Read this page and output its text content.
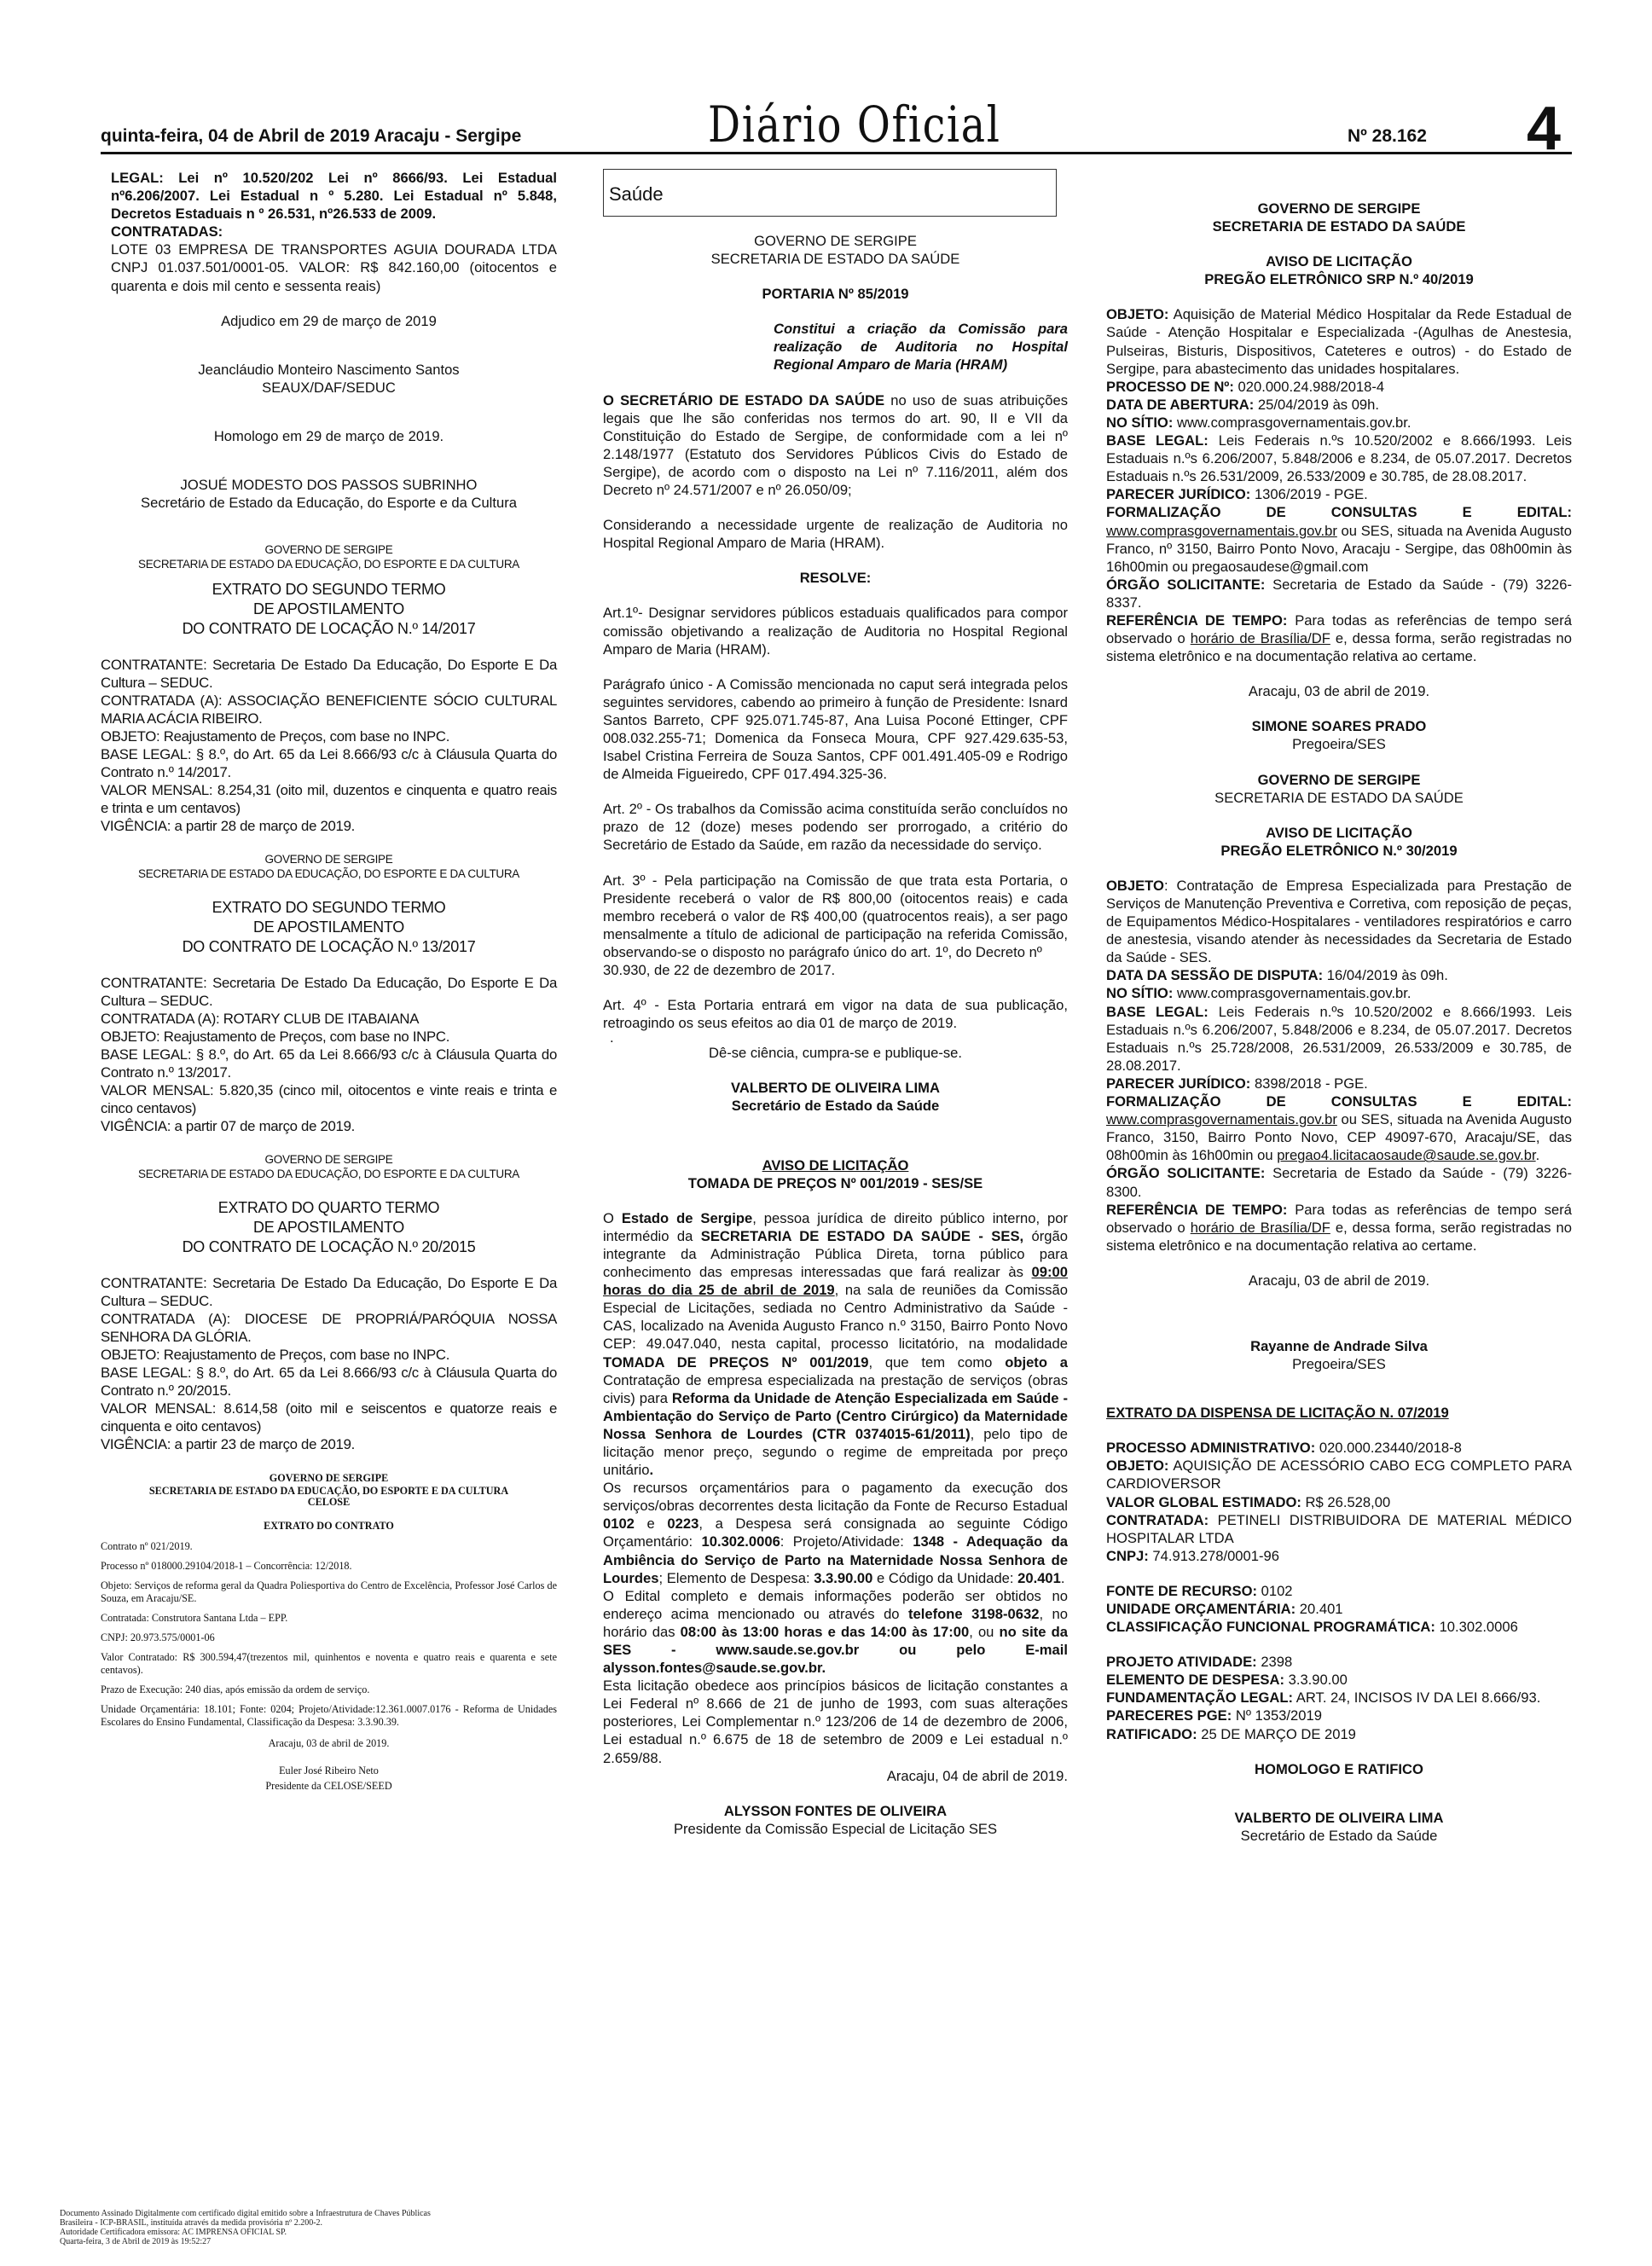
quinta-feira, 04 de Abril de 2019 Aracaju - Sergipe	Diário Oficial	Nº 28.162 4

LEGAL: Lei nº 10.520/202 Lei nº 8666/93. Lei Estadual nº6.206/2007. Lei Estadual n º 5.280. Lei Estadual nº 5.848, Decretos Estaduais n º 26.531, nº26.533 de 2009.

CONTRATADAS:

LOTE 03 EMPRESA DE TRANSPORTES AGUIA DOURADA LTDA CNPJ 01.037.501/0001-05. VALOR: R$ 842.160,00 (oitocentos e quarenta e dois mil cento e sessenta reais)

Adjudico em 29 de março de 2019

Jeancláudio Monteiro Nascimento Santos

SEAUX/DAF/SEDUC

Homologo em 29 de março de 2019.

JOSUÉ MODESTO DOS PASSOS SUBRINHO

Secretário de Estado da Educação, do Esporte e da Cultura

GOVERNO DE SERGIPE

SECRETARIA DE ESTADO DA EDUCAÇÃO, DO ESPORTE E DA CULTURA

EXTRATO DO SEGUNDO TERMO

DE APOSTILAMENTO

DO CONTRATO DE LOCAÇÃO N.º 14/2017

CONTRATANTE: Secretaria De Estado Da Educação, Do Esporte E Da Cultura – SEDUC.

CONTRATADA (A): ASSOCIAÇÃO BENEFICIENTE SÓCIO CULTURAL MARIA ACÁCIA RIBEIRO.

OBJETO: Reajustamento de Preços, com base no INPC.

BASE LEGAL: § 8.º, do Art. 65 da Lei 8.666/93 c/c à Cláusula Quarta do Contrato n.º 14/2017.

VALOR MENSAL: 8.254,31 (oito mil, duzentos e cinquenta e quatro reais e trinta e um centavos)

VIGÊNCIA: a partir 28 de março de 2019.

GOVERNO DE SERGIPE

SECRETARIA DE ESTADO DA EDUCAÇÃO, DO ESPORTE E DA CULTURA

EXTRATO DO SEGUNDO TERMO

DE APOSTILAMENTO

DO CONTRATO DE LOCAÇÃO N.º 13/2017

CONTRATANTE: Secretaria De Estado Da Educação, Do Esporte E Da Cultura – SEDUC.

CONTRATADA (A): ROTARY CLUB DE ITABAIANA

OBJETO: Reajustamento de Preços, com base no INPC.

BASE LEGAL: § 8.º, do Art. 65 da Lei 8.666/93 c/c à Cláusula Quarta do Contrato n.º 13/2017.

VALOR MENSAL: 5.820,35 (cinco mil, oitocentos e vinte reais e trinta e cinco centavos)

VIGÊNCIA: a partir 07 de março de 2019.

GOVERNO DE SERGIPE

SECRETARIA DE ESTADO DA EDUCAÇÃO, DO ESPORTE E DA CULTURA

EXTRATO DO QUARTO TERMO

DE APOSTILAMENTO

DO CONTRATO DE LOCAÇÃO N.º 20/2015

CONTRATANTE: Secretaria De Estado Da Educação, Do Esporte E Da Cultura – SEDUC.

CONTRATADA (A): DIOCESE DE PROPRIÁ/PARÓQUIA NOSSA SENHORA DA GLÓRIA.

OBJETO: Reajustamento de Preços, com base no INPC.

BASE LEGAL: § 8.º, do Art. 65 da Lei 8.666/93 c/c à Cláusula Quarta do Contrato n.º 20/2015.

VALOR MENSAL: 8.614,58 (oito mil e seiscentos e quatorze reais e cinquenta e oito centavos)

VIGÊNCIA: a partir 23 de março de 2019.

GOVERNO DE SERGIPE

SECRETARIA DE ESTADO DA EDUCAÇÃO, DO ESPORTE E DA CULTURA

CELOSE

EXTRATO DO CONTRATO

Contrato nº 021/2019.

Processo nº 018000.29104/2018-1 – Concorrência: 12/2018.

Objeto: Serviços de reforma geral da Quadra Poliesportiva do Centro de Excelência, Professor José Carlos de Souza, em Aracaju/SE.

Contratada: Construtora Santana Ltda – EPP.

CNPJ: 20.973.575/0001-06

Valor Contratado: R$ 300.594,47(trezentos mil, quinhentos e noventa e quatro reais e quarenta e sete centavos).

Prazo de Execução: 240 dias, após emissão da ordem de serviço.

Unidade Orçamentária: 18.101; Fonte: 0204; Projeto/Atividade:12.361.0007.0176 - Reforma de Unidades Escolares do Ensino Fundamental, Classificação da Despesa: 3.3.90.39.

Aracaju, 03 de abril de 2019.

Euler José Ribeiro Neto

Presidente da CELOSE/SEED

Saúde

GOVERNO DE SERGIPE

SECRETARIA DE ESTADO DA SAÚDE

PORTARIA Nº 85/2019

Constitui a criação da Comissão para realização de Auditoria no Hospital Regional Amparo de Maria (HRAM)

O SECRETÁRIO DE ESTADO DA SAÚDE no uso de suas atribuições legais que lhe são conferidas nos termos do art. 90, II e VII da Constituição do Estado de Sergipe, de conformidade com a lei nº 2.148/1977 (Estatuto dos Servidores Públicos Civis do Estado de Sergipe), de acordo com o disposto na Lei nº 7.116/2011, além dos Decreto nº 24.571/2007 e nº 26.050/09;

Considerando a necessidade urgente de realização de Auditoria no Hospital Regional Amparo de Maria (HRAM).

RESOLVE:

Art.1º- Designar servidores públicos estaduais qualificados para compor comissão objetivando a realização de Auditoria no Hospital Regional Amparo de Maria (HRAM).

Parágrafo único - A Comissão mencionada no caput será integrada pelos seguintes servidores, cabendo ao primeiro à função de Presidente: Isnard Santos Barreto, CPF 925.071.745-87, Ana Luisa Poconé Ettinger, CPF 008.032.255-71; Domenica da Fonseca Moura, CPF 927.429.635-53, Isabel Cristina Ferreira de Souza Santos, CPF 001.491.405-09 e Rodrigo de Almeida Figueiredo, CPF 017.494.325-36.

Art. 2º - Os trabalhos da Comissão acima constituída serão concluídos no prazo de 12 (doze) meses podendo ser prorrogado, a critério do Secretário de Estado da Saúde, em razão da necessidade do serviço.

Art. 3º - Pela participação na Comissão de que trata esta Portaria, o Presidente receberá o valor de R$ 800,00 (oitocentos reais) e cada membro receberá o valor de R$ 400,00 (quatrocentos reais), a ser pago mensalmente a título de adicional de participação na referida Comissão, observando-se o disposto no parágrafo único do art. 1º, do Decreto nº

30.930, de 22 de dezembro de 2017.

Art. 4º - Esta Portaria entrará em vigor na data de sua publicação, retroagindo os seus efeitos ao dia 01 de março de 2019.

.

Dê-se ciência, cumpra-se e publique-se.

VALBERTO DE OLIVEIRA LIMA

Secretário de Estado da Saúde

AVISO DE LICITAÇÃO

TOMADA DE PREÇOS Nº 001/2019 - SES/SE

O Estado de Sergipe, pessoa jurídica de direito público interno, por intermédio da SECRETARIA DE ESTADO DA SAÚDE - SES, órgão integrante da Administração Pública Direta, torna público para conhecimento das empresas interessadas que fará realizar às 09:00 horas do dia 25 de abril de 2019, na sala de reuniões da Comissão Especial de Licitações, sediada no Centro Administrativo da Saúde - CAS, localizado na Avenida Augusto Franco n.º 3150, Bairro Ponto Novo CEP: 49.047.040, nesta capital, processo licitatório, na modalidade TOMADA DE PREÇOS Nº 001/2019, que tem como objeto a Contratação de empresa especializada na prestação de serviços (obras civis) para Reforma da Unidade de Atenção Especializada em Saúde - Ambientação do Serviço de Parto (Centro Cirúrgico) da Maternidade Nossa Senhora de Lourdes (CTR 0374015-61/2011), pelo tipo de licitação menor preço, segundo o regime de empreitada por preço unitário.

Os recursos orçamentários para o pagamento da execução dos serviços/obras decorrentes desta licitação da Fonte de Recurso Estadual 0102 e 0223, a Despesa será consignada ao seguinte Código Orçamentário: 10.302.0006: Projeto/Atividade: 1348 - Adequação da Ambiência do Serviço de Parto na Maternidade Nossa Senhora de Lourdes; Elemento de Despesa: 3.3.90.00 e Código da Unidade: 20.401.

O Edital completo e demais informações poderão ser obtidos no endereço acima mencionado ou através do telefone 3198-0632, no horário das 08:00 às 13:00 horas e das 14:00 às 17:00, ou no site da SES - www.saude.se.gov.br ou pelo E-mail alysson.fontes@saude.se.gov.br.

Esta licitação obedece aos princípios básicos de licitação constantes a Lei Federal nº 8.666 de 21 de junho de 1993, com suas alterações posteriores, Lei Complementar n.º 123/206 de 14 de dezembro de 2006, Lei estadual n.º 6.675 de 18 de setembro de 2009 e Lei estadual n.º 2.659/88.

Aracaju, 04 de abril de 2019.

ALYSSON FONTES DE OLIVEIRA

Presidente da Comissão Especial de Licitação SES

GOVERNO DE SERGIPE

SECRETARIA DE ESTADO DA SAÚDE

AVISO DE LICITAÇÃO

PREGÃO ELETRÔNICO SRP N.º 40/2019

OBJETO: Aquisição de Material Médico Hospitalar da Rede Estadual de Saúde - Atenção Hospitalar e Especializada -(Agulhas de Anestesia, Pulseiras, Bisturis, Dispositivos, Cateteres e outros) - do Estado de Sergipe, para abastecimento das unidades hospitalares.

PROCESSO DE Nº: 020.000.24.988/2018-4

DATA DE ABERTURA: 25/04/2019 às 09h.

NO SÍTIO: www.comprasgovernamentais.gov.br.

BASE LEGAL: Leis Federais n.ºs 10.520/2002 e 8.666/1993. Leis Estaduais n.ºs 6.206/2007, 5.848/2006 e 8.234, de 05.07.2017. Decretos Estaduais n.ºs 26.531/2009, 26.533/2009 e 30.785, de 28.08.2017.

PARECER JURÍDICO: 1306/2019 - PGE.

FORMALIZAÇÃO DE CONSULTAS E EDITAL: www.comprasgovernamentais.gov.br ou SES, situada na Avenida Augusto Franco, nº 3150, Bairro Ponto Novo, Aracaju - Sergipe, das 08h00min às 16h00min ou pregaosaudese@gmail.com

ÓRGÃO SOLICITANTE: Secretaria de Estado da Saúde - (79) 3226-8337.

REFERÊNCIA DE TEMPO: Para todas as referências de tempo será observado o horário de Brasília/DF e, dessa forma, serão registradas no sistema eletrônico e na documentação relativa ao certame.

Aracaju, 03 de abril de 2019.

SIMONE SOARES PRADO

Pregoeira/SES

GOVERNO DE SERGIPE

SECRETARIA DE ESTADO DA SAÚDE

AVISO DE LICITAÇÃO

PREGÃO ELETRÔNICO N.º 30/2019

OBJETO: Contratação de Empresa Especializada para Prestação de Serviços de Manutenção Preventiva e Corretiva, com reposição de peças, de Equipamentos Médico-Hospitalares - ventiladores respiratórios e carro de anestesia, visando atender às necessidades da Secretaria de Estado da Saúde - SES.

DATA DA SESSÃO DE DISPUTA: 16/04/2019 às 09h.

NO SÍTIO: www.comprasgovernamentais.gov.br.

BASE LEGAL: Leis Federais n.ºs 10.520/2002 e 8.666/1993. Leis Estaduais n.ºs 6.206/2007, 5.848/2006 e 8.234, de 05.07.2017. Decretos Estaduais n.ºs 25.728/2008, 26.531/2009, 26.533/2009 e 30.785, de 28.08.2017.

PARECER JURÍDICO: 8398/2018 - PGE.

FORMALIZAÇÃO DE CONSULTAS E EDITAL: www.comprasgovernamentais.gov.br ou SES, situada na Avenida Augusto Franco, 3150, Bairro Ponto Novo, CEP 49097-670, Aracaju/SE, das 08h00min às 16h00min ou pregao4.licitacaosaude@saude.se.gov.br.

ÓRGÃO SOLICITANTE: Secretaria de Estado da Saúde - (79) 3226-8300.

REFERÊNCIA DE TEMPO: Para todas as referências de tempo será observado o horário de Brasília/DF e, dessa forma, serão registradas no sistema eletrônico e na documentação relativa ao certame.

Aracaju, 03 de abril de 2019.

Rayanne de Andrade Silva

Pregoeira/SES

EXTRATO DA DISPENSA DE LICITAÇÃO N. 07/2019

PROCESSO ADMINISTRATIVO: 020.000.23440/2018-8

OBJETO: AQUISIÇÃO DE ACESSÓRIO CABO ECG COMPLETO PARA CARDIOVERSOR

VALOR GLOBAL ESTIMADO: R$ 26.528,00

CONTRATADA: PETINELI DISTRIBUIDORA DE MATERIAL MÉDICO HOSPITALAR LTDA

CNPJ: 74.913.278/0001-96

FONTE DE RECURSO: 0102

UNIDADE ORÇAMENTÁRIA: 20.401

CLASSIFICAÇÃO FUNCIONAL PROGRAMÁTICA: 10.302.0006

PROJETO ATIVIDADE: 2398

ELEMENTO DE DESPESA: 3.3.90.00

FUNDAMENTAÇÃO LEGAL: ART. 24, INCISOS IV DA LEI 8.666/93.

PARECERES PGE: Nº 1353/2019

RATIFICADO: 25 DE MARÇO DE 2019

HOMOLOGO E RATIFICO

VALBERTO DE OLIVEIRA LIMA

Secretário de Estado da Saúde

Documento Assinado Digitalmente com certificado digital emitido sobre a Infraestrutura de Chaves Públicas
Brasileira - ICP-BRASIL, instituída através da medida provisória nº 2.200-2.
Autoridade Certificadora emissora: AC IMPRENSA OFICIAL SP.
Quarta-feira, 3 de Abril de 2019 às 19:52:27
